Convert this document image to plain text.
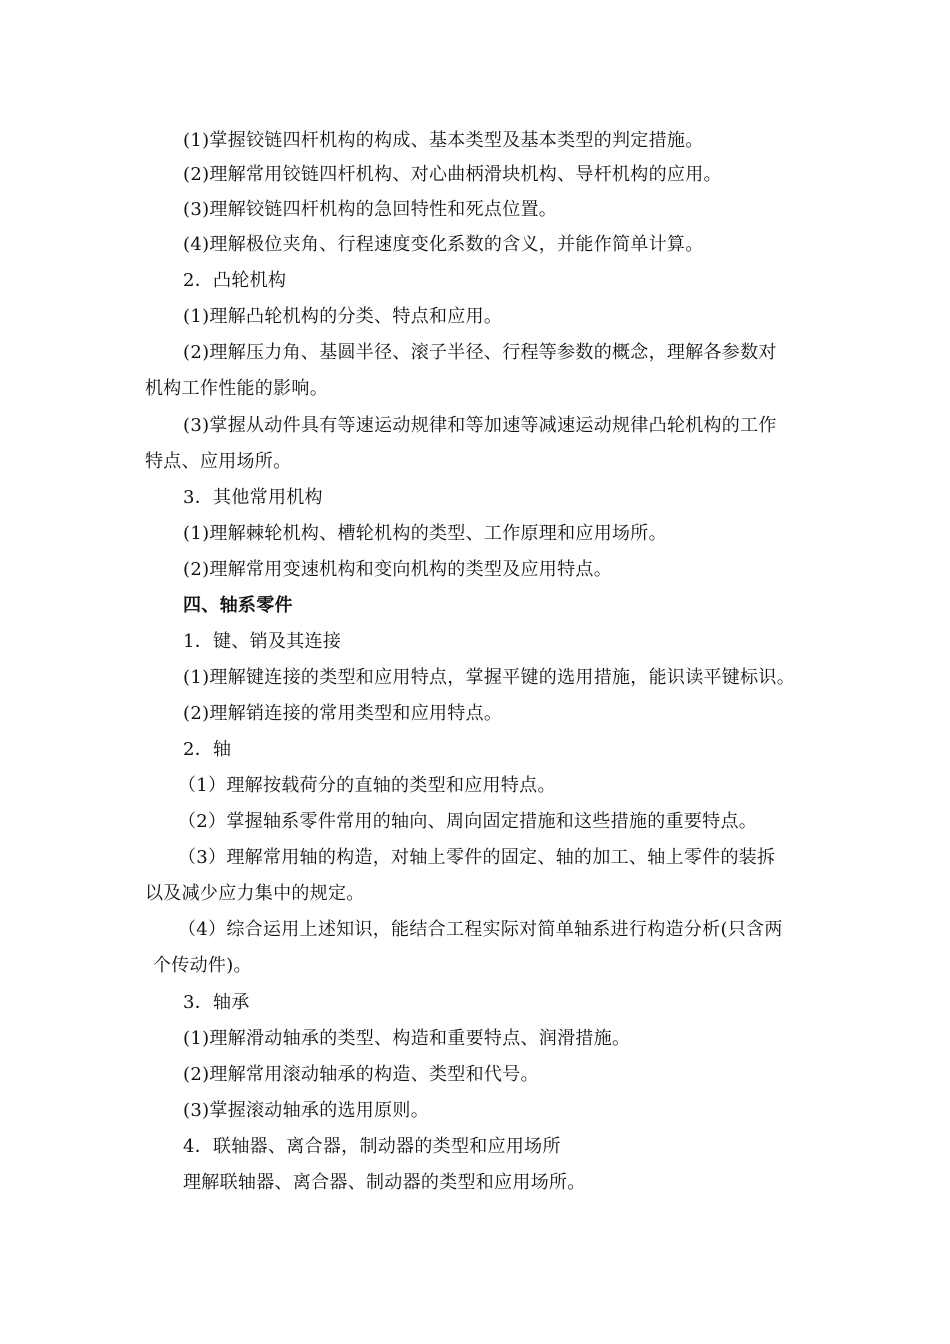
(1)掌握铰链四杆机构的构成、基本类型及基本类型的判定措施。
(2)理解常用铰链四杆机构、对心曲柄滑块机构、导杆机构的应用。
(3)理解铰链四杆机构的急回特性和死点位置。
(4)理解极位夹角、行程速度变化系数的含义，并能作简单计算。
2．凸轮机构
(1)理解凸轮机构的分类、特点和应用。
(2)理解压力角、基圆半径、滚子半径、行程等参数的概念，理解各参数对
机构工作性能的影响。
(3)掌握从动件具有等速运动规律和等加速等减速运动规律凸轮机构的工作
特点、应用场所。
3．其他常用机构
(1)理解棘轮机构、槽轮机构的类型、工作原理和应用场所。
(2)理解常用变速机构和变向机构的类型及应用特点。
四、轴系零件
1．键、销及其连接
(1)理解键连接的类型和应用特点，掌握平键的选用措施，能识读平键标识。
(2)理解销连接的常用类型和应用特点。
2．轴
（1）理解按载荷分的直轴的类型和应用特点。
（2）掌握轴系零件常用的轴向、周向固定措施和这些措施的重要特点。
（3）理解常用轴的构造，对轴上零件的固定、轴的加工、轴上零件的装拆
以及减少应力集中的规定。
（4）综合运用上述知识，能结合工程实际对简单轴系进行构造分析(只含两
个传动件)。
3．轴承
(1)理解滑动轴承的类型、构造和重要特点、润滑措施。
(2)理解常用滚动轴承的构造、类型和代号。
(3)掌握滚动轴承的选用原则。
4．联轴器、离合器，制动器的类型和应用场所
理解联轴器、离合器、制动器的类型和应用场所。
